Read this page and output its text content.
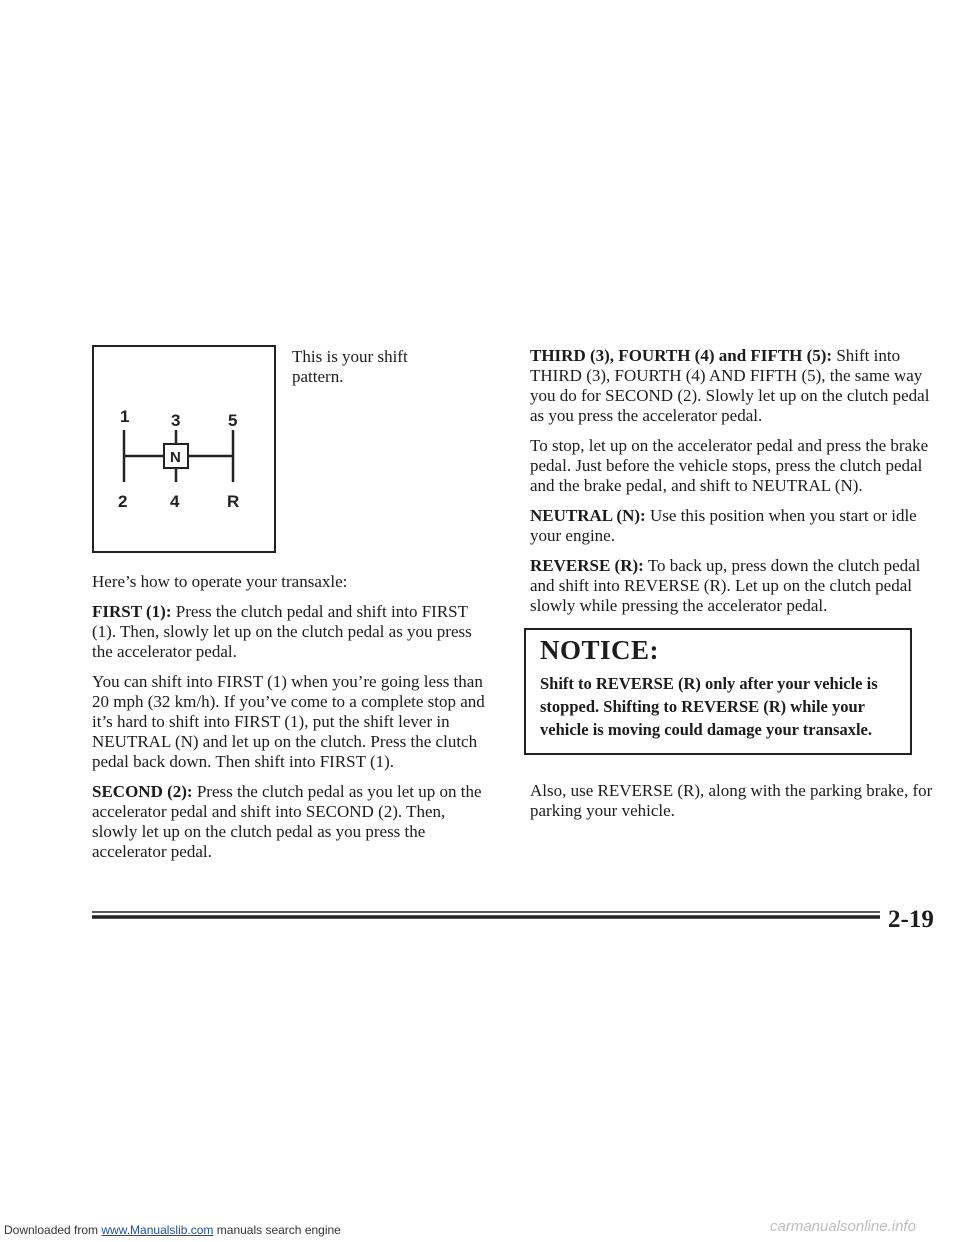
1 3	5
N
2	4	R
This is your shift pattern.

Here’s how to operate your transaxle:

FIRST (1): Press the clutch pedal and shift into FIRST (1). Then, slowly let up on the clutch pedal as you press the accelerator pedal.

You can shift into FIRST (1) when you’re going less than 20 mph (32 km/h). If you’ve come to a complete stop and it’s hard to shift into FIRST (1), put the shift lever in NEUTRAL (N) and let up on the clutch. Press the clutch pedal back down. Then shift into FIRST (1).

SECOND (2): Press the clutch pedal as you let up on the accelerator pedal and shift into SECOND (2). Then, slowly let up on the clutch pedal as you press the accelerator pedal.

THIRD (3), FOURTH (4) and FIFTH (5): Shift into THIRD (3), FOURTH (4) AND FIFTH (5), the same way you do for SECOND (2). Slowly let up on the clutch pedal as you press the accelerator pedal.

To stop, let up on the accelerator pedal and press the brake pedal. Just before the vehicle stops, press the clutch pedal and the brake pedal, and shift to NEUTRAL (N).

NEUTRAL (N): Use this position when you start or idle your engine.

REVERSE (R): To back up, press down the clutch pedal and shift into REVERSE (R). Let up on the clutch pedal slowly while pressing the accelerator pedal.

NOTICE:
Shift to REVERSE (R) only after your vehicle is stopped. Shifting to REVERSE (R) while your vehicle is moving could damage your transaxle.

Also, use REVERSE (R), along with the parking brake, for parking your vehicle.

2-19
Downloaded from www.Manualslib.com manuals search engine	carmanualsonline.info
